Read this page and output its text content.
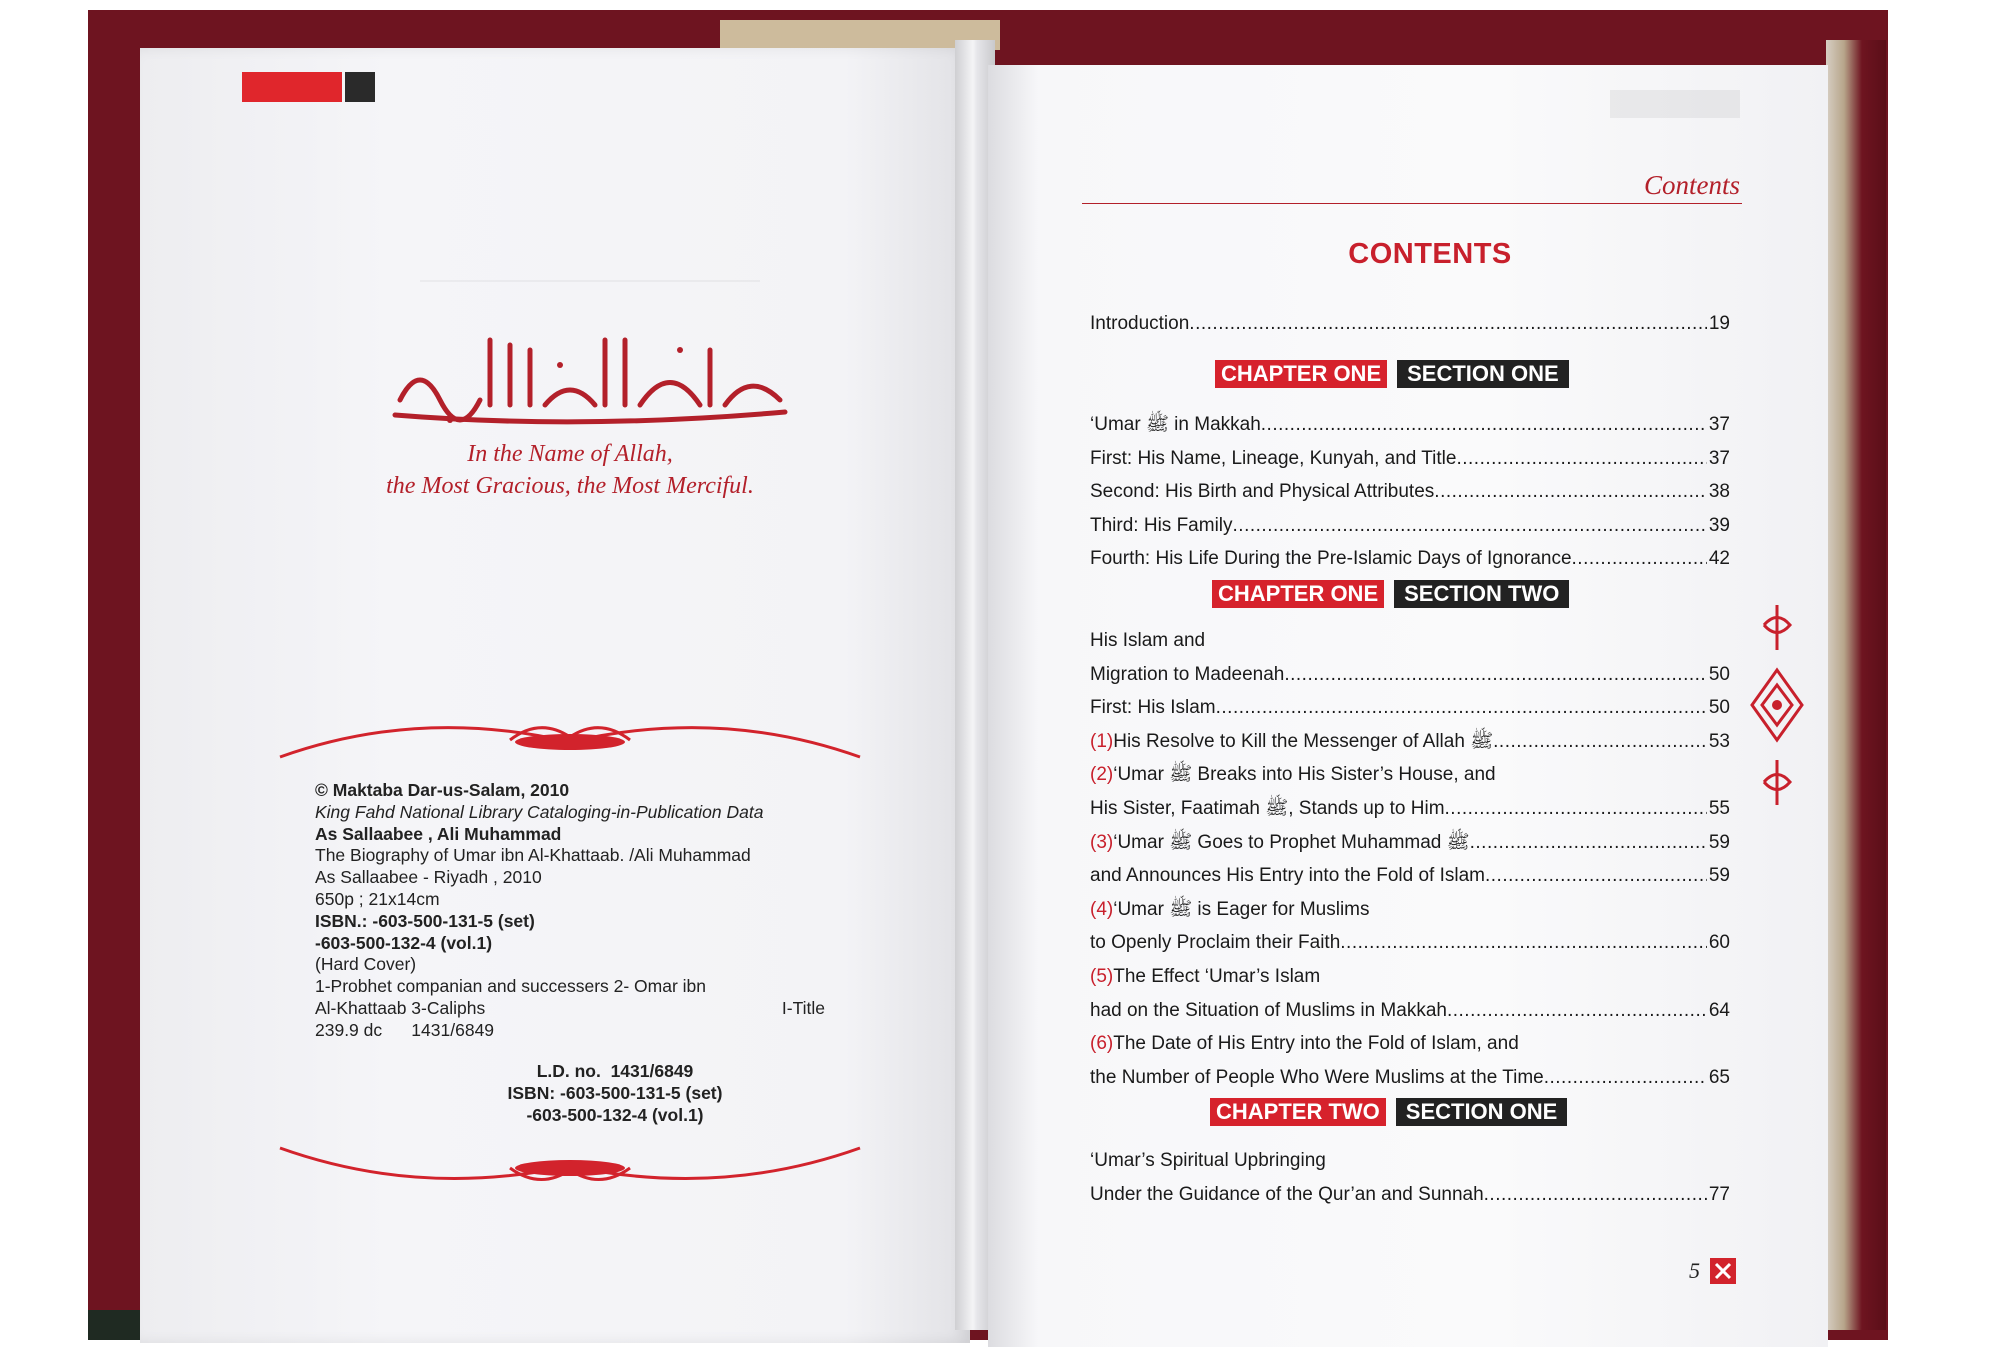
In the Name of Allah,
the Most Gracious, the Most Merciful.
© Maktaba Dar-us-Salam, 2010
King Fahd National Library Cataloging-in-Publication Data
As Sallaabee , Ali Muhammad
The Biography of Umar ibn Al-Khattaab. /Ali Muhammad
As Sallaabee - Riyadh , 2010
650p ; 21x14cm
ISBN.: -603-500-131-5 (set)
-603-500-132-4 (vol.1)
(Hard Cover)
1-Probhet companian and successers 2- Omar ibn
Al-Khattaab 3-Caliphs	I-Title
239.9 dc      1431/6849
L.D. no.  1431/6849
ISBN: -603-500-131-5 (set)
-603-500-132-4 (vol.1)
Contents
CONTENTS
Introduction .....	19
CHAPTER ONE	SECTION ONE
‘Umar ﷺ in Makkah .....	37
First: His Name, Lineage, Kunyah, and Title .....	37
Second: His Birth and Physical Attributes .....	38
Third: His Family .....	39
Fourth: His Life During the Pre-Islamic Days of Ignorance .....	42
CHAPTER ONE	SECTION TWO
His Islam and
Migration to Madeenah .....	50
First: His Islam .....	50
(1) His Resolve to Kill the Messenger of Allah ﷺ .....	53
(2) ‘Umar ﷺ Breaks into His Sister’s House, and
His Sister, Faatimah ﷺ, Stands up to Him .....	55
(3) ‘Umar ﷺ Goes to Prophet Muhammad ﷺ .....	59
and Announces His Entry into the Fold of Islam .....	59
(4) ‘Umar ﷺ is Eager for Muslims
to Openly Proclaim their Faith .....	60
(5) The Effect ‘Umar’s Islam
had on the Situation of Muslims in Makkah .....	64
(6) The Date of His Entry into the Fold of Islam, and
the Number of People Who Were Muslims at the Time .....	65
CHAPTER TWO	SECTION ONE
‘Umar’s Spiritual Upbringing
Under the Guidance of the Qur’an and Sunnah .....	77
5
